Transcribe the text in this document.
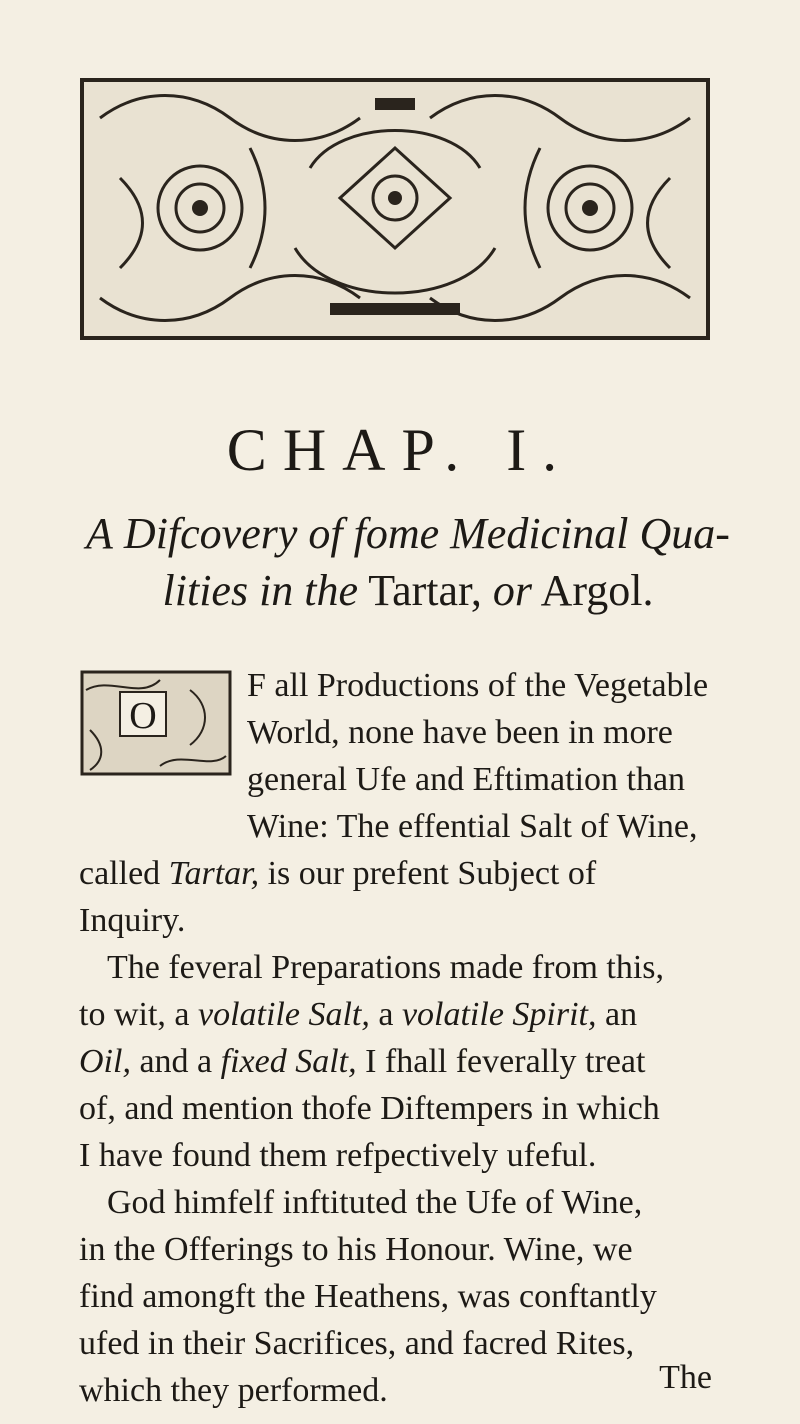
CHAP. I.
A Difcovery of fome Medicinal Qua-
lities in the Tartar, or Argol.
O
F all Productions of the Vegetable
World, none have been in more
general Ufe and Eftimation than
Wine: The effential Salt of Wine,
called Tartar, is our prefent Subject of
Inquiry.
The feveral Preparations made from this,
to wit, a volatile Salt, a volatile Spirit, an
Oil, and a fixed Salt, I fhall feverally treat
of, and mention thofe Diftempers in which
I have found them refpectively ufeful.
God himfelf inftituted the Ufe of Wine,
in the Offerings to his Honour. Wine, we
find amongft the Heathens, was conftantly
ufed in their Sacrifices, and facred Rites,
which they performed.	The
